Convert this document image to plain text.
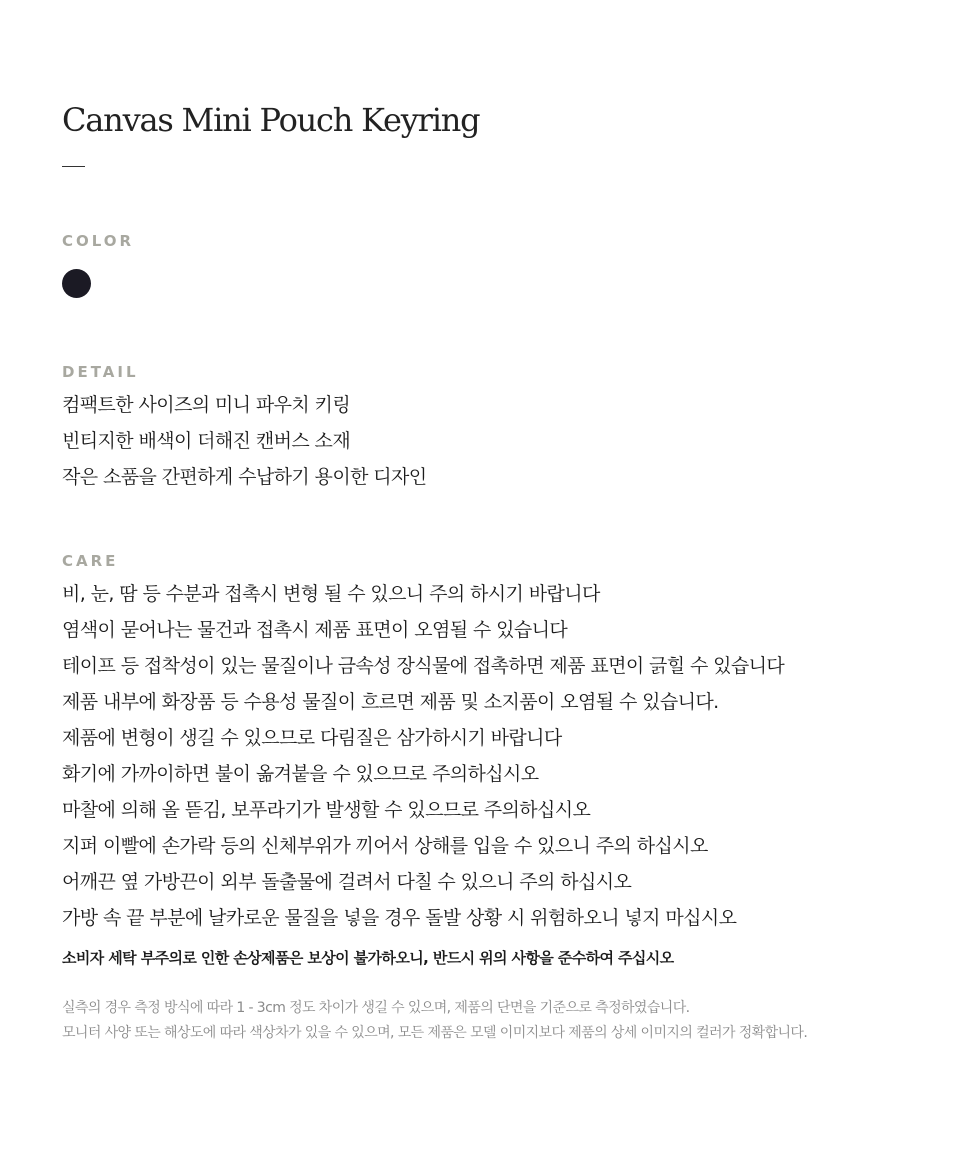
Canvas Mini Pouch Keyring
COLOR
DETAIL
컴팩트한 사이즈의 미니 파우치 키링
빈티지한 배색이 더해진 캔버스 소재
작은 소품을 간편하게 수납하기 용이한 디자인
CARE
비, 눈, 땀 등 수분과 접촉시 변형 될 수 있으니 주의 하시기 바랍니다
염색이 묻어나는 물건과 접촉시 제품 표면이 오염될 수 있습니다
테이프 등 접착성이 있는 물질이나 금속성 장식물에 접촉하면 제품 표면이 긁힐 수 있습니다
제품 내부에 화장품 등 수용성 물질이 흐르면 제품 및 소지품이 오염될 수 있습니다.
제품에 변형이 생길 수 있으므로 다림질은 삼가하시기 바랍니다
화기에 가까이하면 불이 옮겨붙을 수 있으므로 주의하십시오
마찰에 의해 올 뜯김, 보푸라기가 발생할 수 있으므로 주의하십시오
지퍼 이빨에 손가락 등의 신체부위가 끼어서 상해를 입을 수 있으니 주의 하십시오
어깨끈 옆 가방끈이 외부 돌출물에 걸려서 다칠 수 있으니 주의 하십시오
가방 속 끝 부분에 날카로운 물질을 넣을 경우 돌발 상황 시 위험하오니 넣지 마십시오

소비자 세탁 부주의로 인한 손상제품은 보상이 불가하오니, 반드시 위의 사항을 준수하여 주십시오

실측의 경우 측정 방식에 따라 1 - 3cm 정도 차이가 생길 수 있으며, 제품의 단면을 기준으로 측정하였습니다.
모니터 사양 또는 해상도에 따라 색상차가 있을 수 있으며, 모든 제품은 모델 이미지보다 제품의 상세 이미지의 컬러가 정확합니다.
